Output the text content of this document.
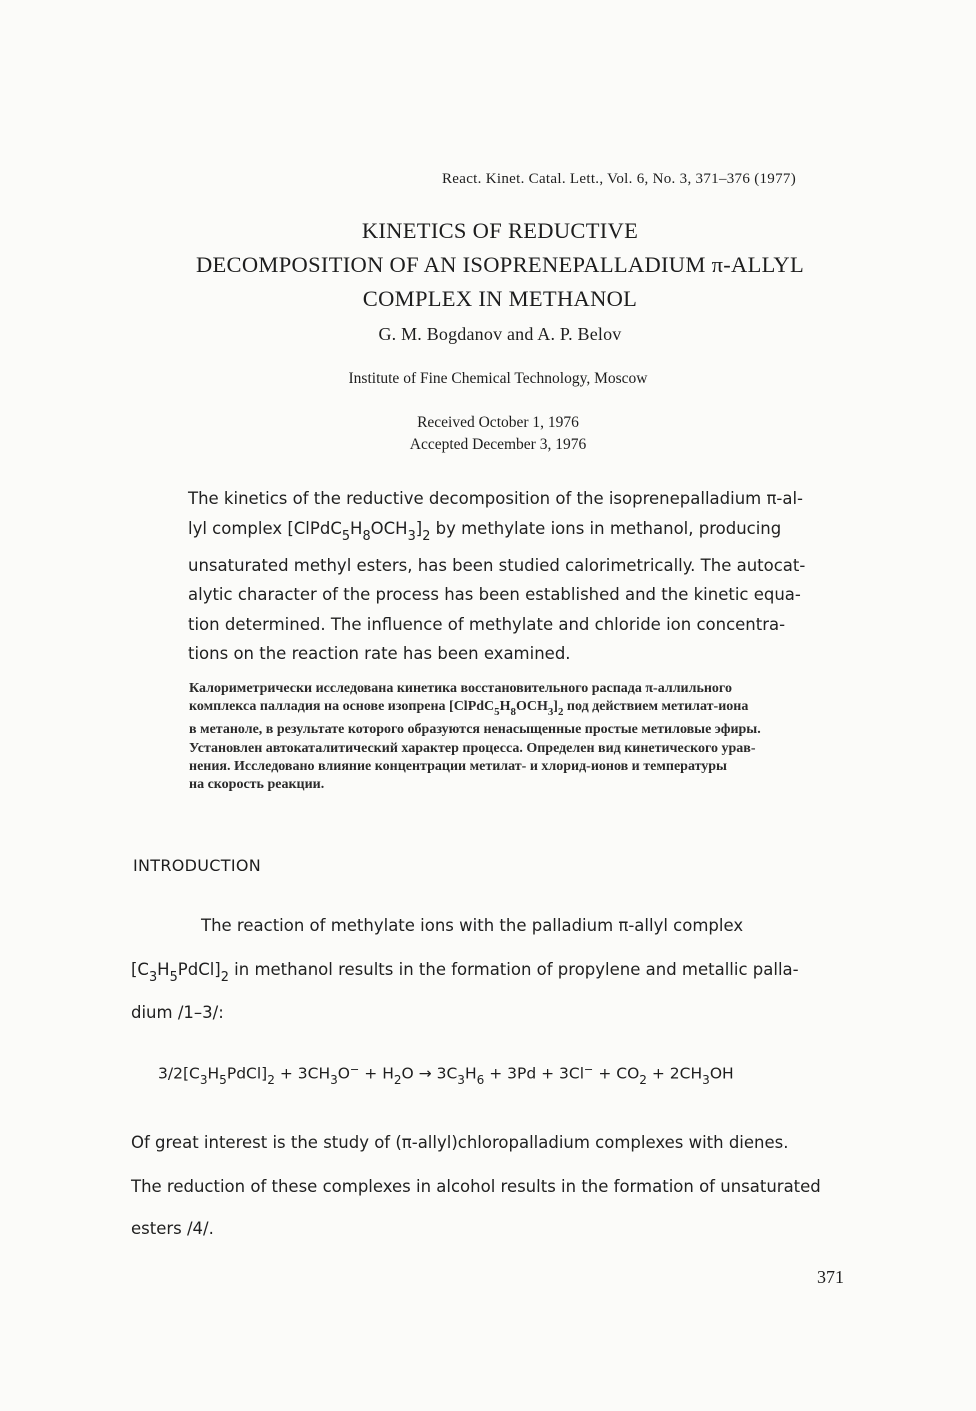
React. Kinet. Catal. Lett., Vol. 6, No. 3, 371–376 (1977)
KINETICS OF REDUCTIVE
DECOMPOSITION OF AN ISOPRENEPALLADIUM π-ALLYL
COMPLEX IN METHANOL
G. M. Bogdanov and A. P. Belov
Institute of Fine Chemical Technology, Moscow
Received October 1, 1976
Accepted December 3, 1976
The kinetics of the reductive decomposition of the isoprenepalladium π-al-
lyl complex $[ClPdC_5H_8OCH_3]_2$ by methylate ions in methanol, producing
unsaturated methyl esters, has been studied calorimetrically. The autocat-
alytic character of the process has been established and the kinetic equa-
tion determined. The influence of methylate and chloride ion concentra-
tions on the reaction rate has been examined.
Калориметрически исследована кинетика восстановительного распада π-аллильного
комплекса палладия на основе изопрена $[ClPdC_5H_8OCH_3]_2$ под действием метилат-иона
в метаноле, в результате которого образуются ненасыщенные простые метиловые эфиры.
Установлен автокаталитический характер процесса. Определен вид кинетического урав-
нения. Исследовано влияние концентрации метилат- и хлорид-ионов и температуры
на скорость реакции.
INTRODUCTION
The reaction of methylate ions with the palladium π-allyl complex
$[C_3H_5PdCl]_2$ in methanol results in the formation of propylene and metallic palla-
dium /1–3/:
$3/2[C_3H_5PdCl]_2 + 3CH_3O^- + H_2O \to 3C_3H_6 + 3Pd + 3Cl^- + CO_2 + 2CH_3OH$
Of great interest is the study of (π-allyl)chloropalladium complexes with dienes.
The reduction of these complexes in alcohol results in the formation of unsaturated
esters /4/.
371
